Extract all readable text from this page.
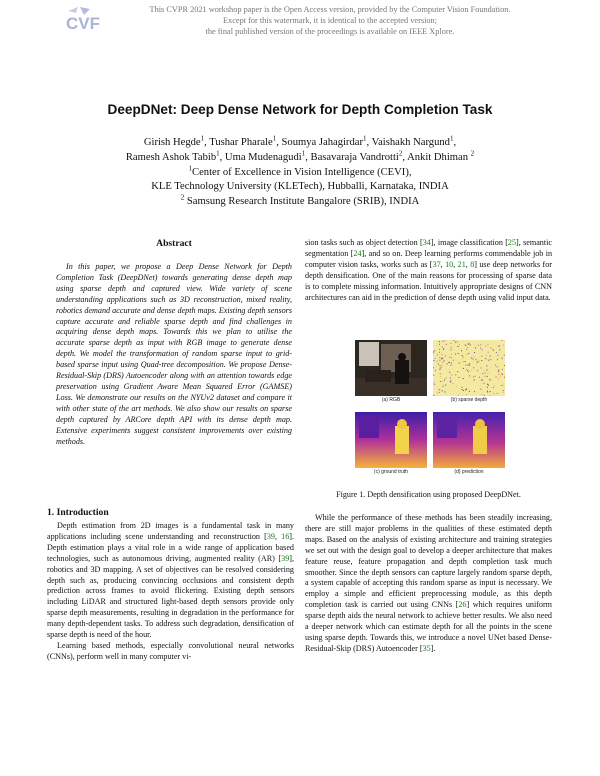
CVF
This CVPR 2021 workshop paper is the Open Access version, provided by the Computer Vision Foundation.
Except for this watermark, it is identical to the accepted version;
the final published version of the proceedings is available on IEEE Xplore.
DeepDNet: Deep Dense Network for Depth Completion Task
Girish Hegde$^1$, Tushar Pharale$^1$, Soumya Jahagirdar$^1$, Vaishakh Nargund$^1$,
Ramesh Ashok Tabib$^1$, Uma Mudenagudi$^1$, Basavaraja Vandrotti$^2$, Ankit Dhiman $^2$
$^1$Center of Excellence in Vision Intelligence (CEVI),
KLE Technology University (KLETech), Hubballi, Karnataka, INDIA
$^2$ Samsung Research Institute Bangalore (SRIB), INDIA
Abstract

In this paper, we propose a Deep Dense Network for Depth Completion Task (DeepDNet) towards generating dense depth map using sparse depth and captured view. Wide variety of scene understanding applications such as 3D reconstruction, mixed reality, robotics demand accurate and dense depth maps. Existing depth sensors capture accurate and reliable sparse depth and find challenges in acquiring dense depth maps. Towards this we plan to utilise the accurate sparse depth as input with RGB image to generate dense depth. We model the transformation of random sparse input to grid-based sparse input using Quad-tree decomposition. We propose Dense-Residual-Skip (DRS) Autoencoder along with an attention towards edge preservation using Gradient Aware Mean Squared Error (GAMSE) Loss. We demonstrate our results on the NYUv2 dataset and compare it with other state of the art methods. We also show our results on sparse depth captured by ARCore depth API with its dense depth map. Extensive experiments suggest consistent improvements over existing methods.

1. Introduction

Depth estimation from 2D images is a fundamental task in many applications including scene understanding and reconstruction [39, 16]. Depth estimation plays a vital role in a wide range of application based technologies, such as autonomous driving, augmented reality (AR) [39], robotics and 3D mapping. A set of objectives can be resolved considering depth such as, producing convincing occlusions and consistent depth prediction across frames to avoid flickering. Existing depth sensors including LiDAR and structured light-based depth sensors provide only sparse depth measurements, resulting in degradation in the performance for many depth-dependent tasks. To address such degradation, densification of sparse depth is need of the hour.

Learning based methods, especially convolutional neural networks (CNNs), perform well in many computer vi-

sion tasks such as object detection [34], image classification [25], semantic segmentation [24], and so on. Deep learning performs commendable job in computer vision tasks, works such as [37, 10, 21, 8] use deep networks for depth densification. One of the main reasons for processing of sparse data is to complete missing information. Intuitively appropriate designs of CNN architectures can aid in the prediction of dense depth using valid input data.

(a) RGB	(b) sparse depth
(c) ground truth	(d) prediction
Figure 1. Depth densification using proposed DeepDNet.

While the performance of these methods has been steadily increasing, there are still major problems in the qualities of these estimated depth maps. Based on the analysis of existing architecture and training strategies we set out with the design goal to develop a deeper architecture that makes feature reuse, feature propagation and depth completion task much smoother. Since the depth sensors can capture largely random sparse depth, a system capable of accepting this random sparse as input is necessary. We employ a simple and efficient preprocessing module, as this depth completion task is carried out using CNNs [26] which requires uniform sparse depth aids the neural network to achieve better results. We also need a deeper network which can estimate depth for all the points in the scene using sparse depth. Towards this, we introduce a novel UNet based Dense-Residual-Skip (DRS) Autoencoder [35].
